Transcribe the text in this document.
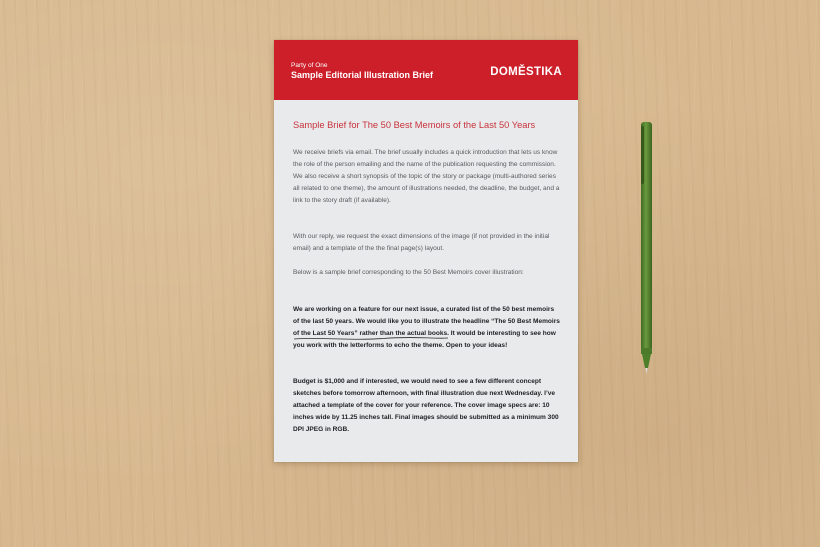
Party of One
Sample Editorial Illustration Brief	DOMĚSTIKA
Sample Brief for The 50 Best Memoirs of the Last 50 Years

We receive briefs via email. The brief usually includes a quick introduction that lets us know the role of the person emailing and the name of the publication requesting the commission. We also receive a short synopsis of the topic of the story or package (multi-authored series all related to one theme), the amount of illustrations needed, the deadline, the budget, and a link to the story draft (if available).

With our reply, we request the exact dimensions of the image (if not provided in the initial email) and a template of the the final page(s) layout.

Below is a sample brief corresponding to the 50 Best Memoirs cover illustration:

We are working on a feature for our next issue, a curated list of the 50 best memoirs of the last 50 years. We would like you to illustrate the headline “The 50 Best Memoirs of the Last 50 Years” rather than the actual books. It would be interesting to see how you work with the letterforms to echo the theme. Open to your ideas!

Budget is $1,000 and if interested, we would need to see a few different concept sketches before tomorrow afternoon, with final illustration due next Wednesday. I’ve attached a template of the cover for your reference. The cover image specs are: 10 inches wide by 11.25 inches tall. Final images should be submitted as a minimum 300 DPI JPEG in RGB.
